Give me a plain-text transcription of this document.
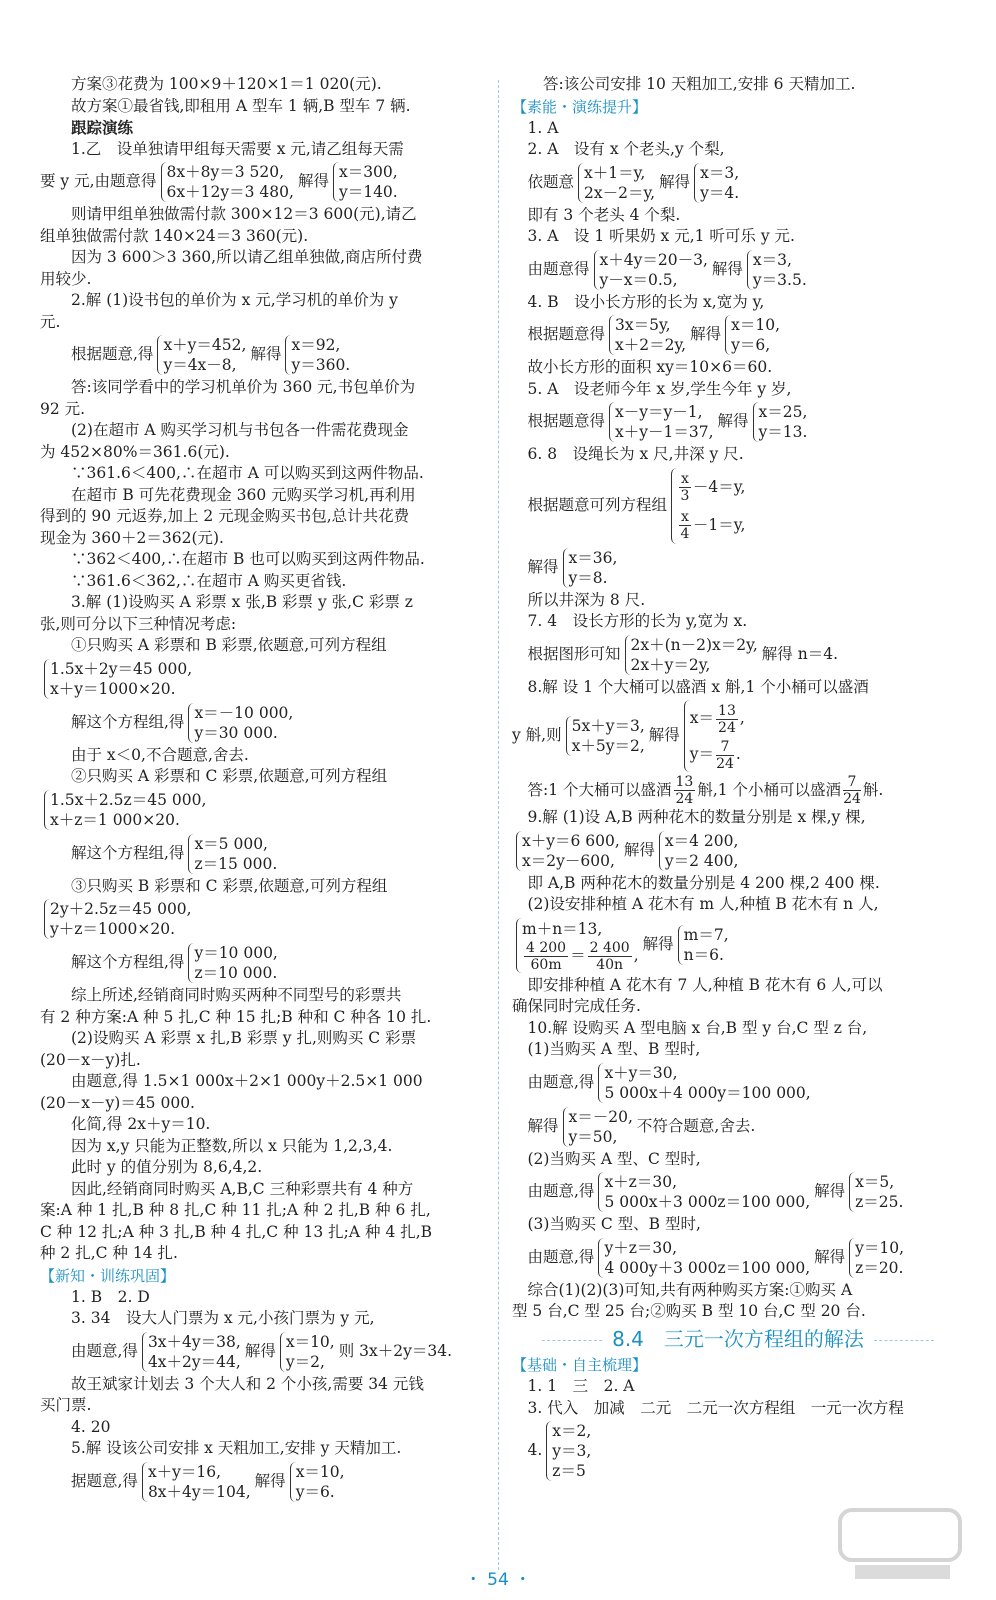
方案③花费为 100×9＋120×1＝1 020(元).
故方案①最省钱,即租用 A 型车 1 辆,B 型车 7 辆.
跟踪演练
1.乙　设单独请甲组每天需要 x 元,请乙组每天需
要 y 元,由题意得
8x＋8y＝3 520,
6x＋12y＝3 480,
解得
x＝300,
y＝140.
则请甲组单独做需付款 300×12＝3 600(元),请乙
组单独做需付款 140×24＝3 360(元).
因为 3 600＞3 360,所以请乙组单独做,商店所付费
用较少.
2.解 (1)设书包的单价为 x 元,学习机的单价为 y
元.
根据题意,得
x＋y＝452,
y＝4x－8,
解得
x＝92,
y＝360.
答:该同学看中的学习机单价为 360 元,书包单价为
92 元.
(2)在超市 A 购买学习机与书包各一件需花费现金
为 452×80%＝361.6(元).
∵361.6＜400,∴在超市 A 可以购买到这两件物品.
在超市 B 可先花费现金 360 元购买学习机,再利用
得到的 90 元返券,加上 2 元现金购买书包,总计共花费
现金为 360＋2＝362(元).
∵362＜400,∴在超市 B 也可以购买到这两件物品.
∵361.6＜362,∴在超市 A 购买更省钱.
3.解 (1)设购买 A 彩票 x 张,B 彩票 y 张,C 彩票 z
张,则可分以下三种情况考虑:
①只购买 A 彩票和 B 彩票,依题意,可列方程组
1.5x＋2y＝45 000,
x＋y＝1000×20.
解这个方程组,得
x＝－10 000,
y＝30 000.
由于 x＜0,不合题意,舍去.
②只购买 A 彩票和 C 彩票,依题意,可列方程组
1.5x＋2.5z＝45 000,
x＋z＝1 000×20.
解这个方程组,得
x＝5 000,
z＝15 000.
③只购买 B 彩票和 C 彩票,依题意,可列方程组
2y＋2.5z＝45 000,
y＋z＝1000×20.
解这个方程组,得
y＝10 000,
z＝10 000.
综上所述,经销商同时购买两种不同型号的彩票共
有 2 种方案:A 种 5 扎,C 种 15 扎;B 种和 C 种各 10 扎.
(2)设购买 A 彩票 x 扎,B 彩票 y 扎,则购买 C 彩票
(20－x－y)扎.
由题意,得 1.5×1 000x＋2×1 000y＋2.5×1 000
(20－x－y)＝45 000.
化简,得 2x＋y＝10.
因为 x,y 只能为正整数,所以 x 只能为 1,2,3,4.
此时 y 的值分别为 8,6,4,2.
因此,经销商同时购买 A,B,C 三种彩票共有 4 种方
案:A 种 1 扎,B 种 8 扎,C 种 11 扎;A 种 2 扎,B 种 6 扎,
C 种 12 扎;A 种 3 扎,B 种 4 扎,C 种 13 扎;A 种 4 扎,B
种 2 扎,C 种 14 扎.
【新知・训练巩固】
1. B　2. D
3. 34　设大人门票为 x 元,小孩门票为 y 元,
由题意,得
3x＋4y＝38,
4x＋2y＝44,
解得
x＝10,
y＝2,
则 3x＋2y＝34.
故王斌家计划去 3 个大人和 2 个小孩,需要 34 元钱
买门票.
4. 20
5.解 设该公司安排 x 天粗加工,安排 y 天精加工.
据题意,得
x＋y＝16,
8x＋4y＝104,
解得
x＝10,
y＝6.
答:该公司安排 10 天粗加工,安排 6 天精加工.
【素能・演练提升】
1. A
2. A　设有 x 个老头,y 个梨,
依题意
x＋1＝y,
2x－2＝y,
解得
x＝3,
y＝4.
即有 3 个老头 4 个梨.
3. A　设 1 听果奶 x 元,1 听可乐 y 元.
由题意得
x＋4y＝20－3,
y－x＝0.5,
解得
x＝3,
y＝3.5.
4. B　设小长方形的长为 x,宽为 y,
根据题意得
3x＝5y,
x＋2＝2y,
解得
x＝10,
y＝6,
故小长方形的面积 xy＝10×6＝60.
5. A　设老师今年 x 岁,学生今年 y 岁,
根据题意得
x－y＝y－1,
x＋y－1＝37,
解得
x＝25,
y＝13.
6. 8　设绳长为 x 尺,井深 y 尺.
根据题意可列方程组
$\frac{x}{3} -4=y$,
$\frac{x}{4} -1=y$,
解得
x＝36,
y＝8.
所以井深为 8 尺.
7. 4　设长方形的长为 y,宽为 x.
根据图形可知
2x＋(n－2)x＝2y,
2x＋y＝2y,
解得 n＝4.
8.解 设 1 个大桶可以盛酒 x 斛,1 个小桶可以盛酒
y 斛,则
5x＋y＝3,
x＋5y＝2,
解得
$x= \frac{13}{24}$ ,
$y= \frac{7}{24}$ .
答:1 个大桶可以盛酒 $\frac{13}{24}$ 斛,1 个小桶可以盛酒 $\frac{7}{24}$ 斛.
9.解 (1)设 A,B 两种花木的数量分别是 x 棵,y 棵,
x＋y＝6 600,
x＝2y－600,
解得
x＝4 200,
y＝2 400,
即 A,B 两种花木的数量分别是 4 200 棵,2 400 棵.
(2)设安排种植 A 花木有 m 人,种植 B 花木有 n 人,
m＋n＝13,
$\frac{4 200}{60m} = \frac{2 400}{40n}$ ,
解得
m＝7,
n＝6.
即安排种植 A 花木有 7 人,种植 B 花木有 6 人,可以
确保同时完成任务.
10.解 设购买 A 型电脑 x 台,B 型 y 台,C 型 z 台,
(1)当购买 A 型、B 型时,
由题意,得
x＋y＝30,
5 000x＋4 000y＝100 000,
解得
x＝－20,
y＝50,
不符合题意,舍去.
(2)当购买 A 型、C 型时,
由题意,得
x＋z＝30,
5 000x＋3 000z＝100 000,
解得
x＝5,
z＝25.
(3)当购买 C 型、B 型时,
由题意,得
y＋z＝30,
4 000y＋3 000z＝100 000,
解得
y＝10,
z＝20.
综合(1)(2)(3)可知,共有两种购买方案:①购买 A
型 5 台,C 型 25 台;②购买 B 型 10 台,C 型 20 台.
8.4　三元一次方程组的解法
【基础・自主梳理】
1. 1　三　2. A
3. 代入　加减　二元　二元一次方程组　一元一次方程
4.
x＝2,
y＝3,
z＝5
・ 54 ・
